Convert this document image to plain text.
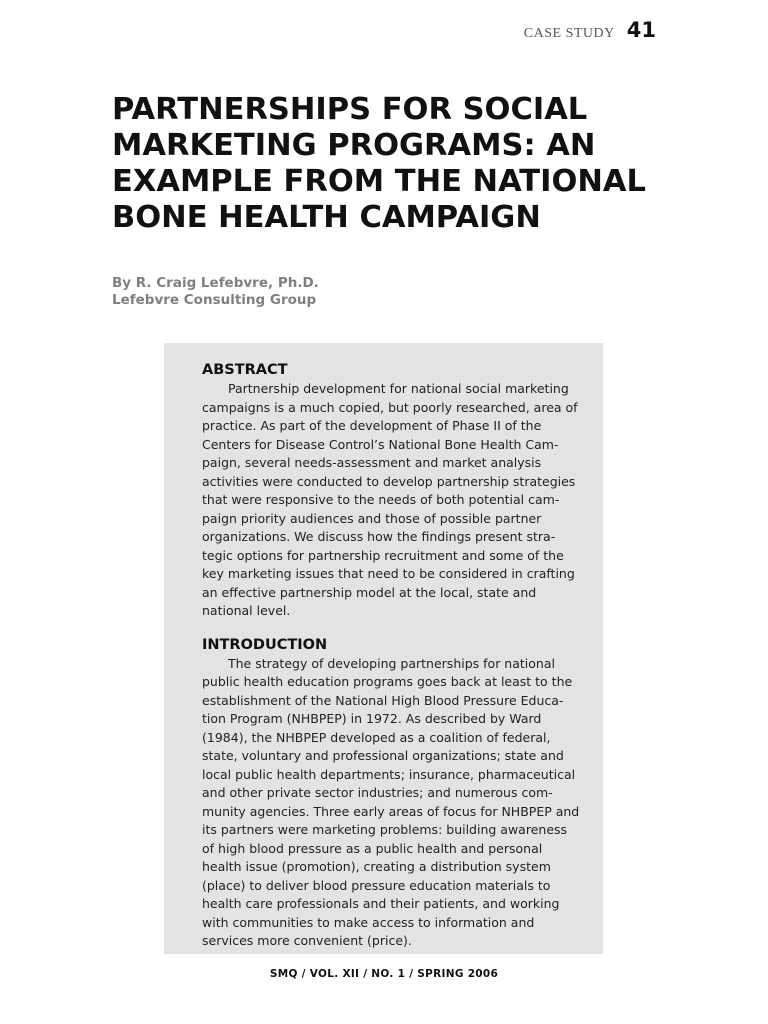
CASE STUDY 41
PARTNERSHIPS FOR SOCIAL
MARKETING PROGRAMS: AN
EXAMPLE FROM THE NATIONAL
BONE HEALTH CAMPAIGN
By R. Craig Lefebvre, Ph.D.
Lefebvre Consulting Group
ABSTRACT
Partnership development for national social marketing
campaigns is a much copied, but poorly researched, area of
practice. As part of the development of Phase II of the
Centers for Disease Control’s National Bone Health Cam-
paign, several needs-assessment and market analysis
activities were conducted to develop partnership strategies
that were responsive to the needs of both potential cam-
paign priority audiences and those of possible partner
organizations. We discuss how the findings present stra-
tegic options for partnership recruitment and some of the
key marketing issues that need to be considered in crafting
an effective partnership model at the local, state and
national level.
INTRODUCTION
The strategy of developing partnerships for national
public health education programs goes back at least to the
establishment of the National High Blood Pressure Educa-
tion Program (NHBPEP) in 1972. As described by Ward
(1984), the NHBPEP developed as a coalition of federal,
state, voluntary and professional organizations; state and
local public health departments; insurance, pharmaceutical
and other private sector industries; and numerous com-
munity agencies. Three early areas of focus for NHBPEP and
its partners were marketing problems: building awareness
of high blood pressure as a public health and personal
health issue (promotion), creating a distribution system
(place) to deliver blood pressure education materials to
health care professionals and their patients, and working
with communities to make access to information and
services more convenient (price).
SMQ / VOL. XII / NO. 1 / SPRING 2006
